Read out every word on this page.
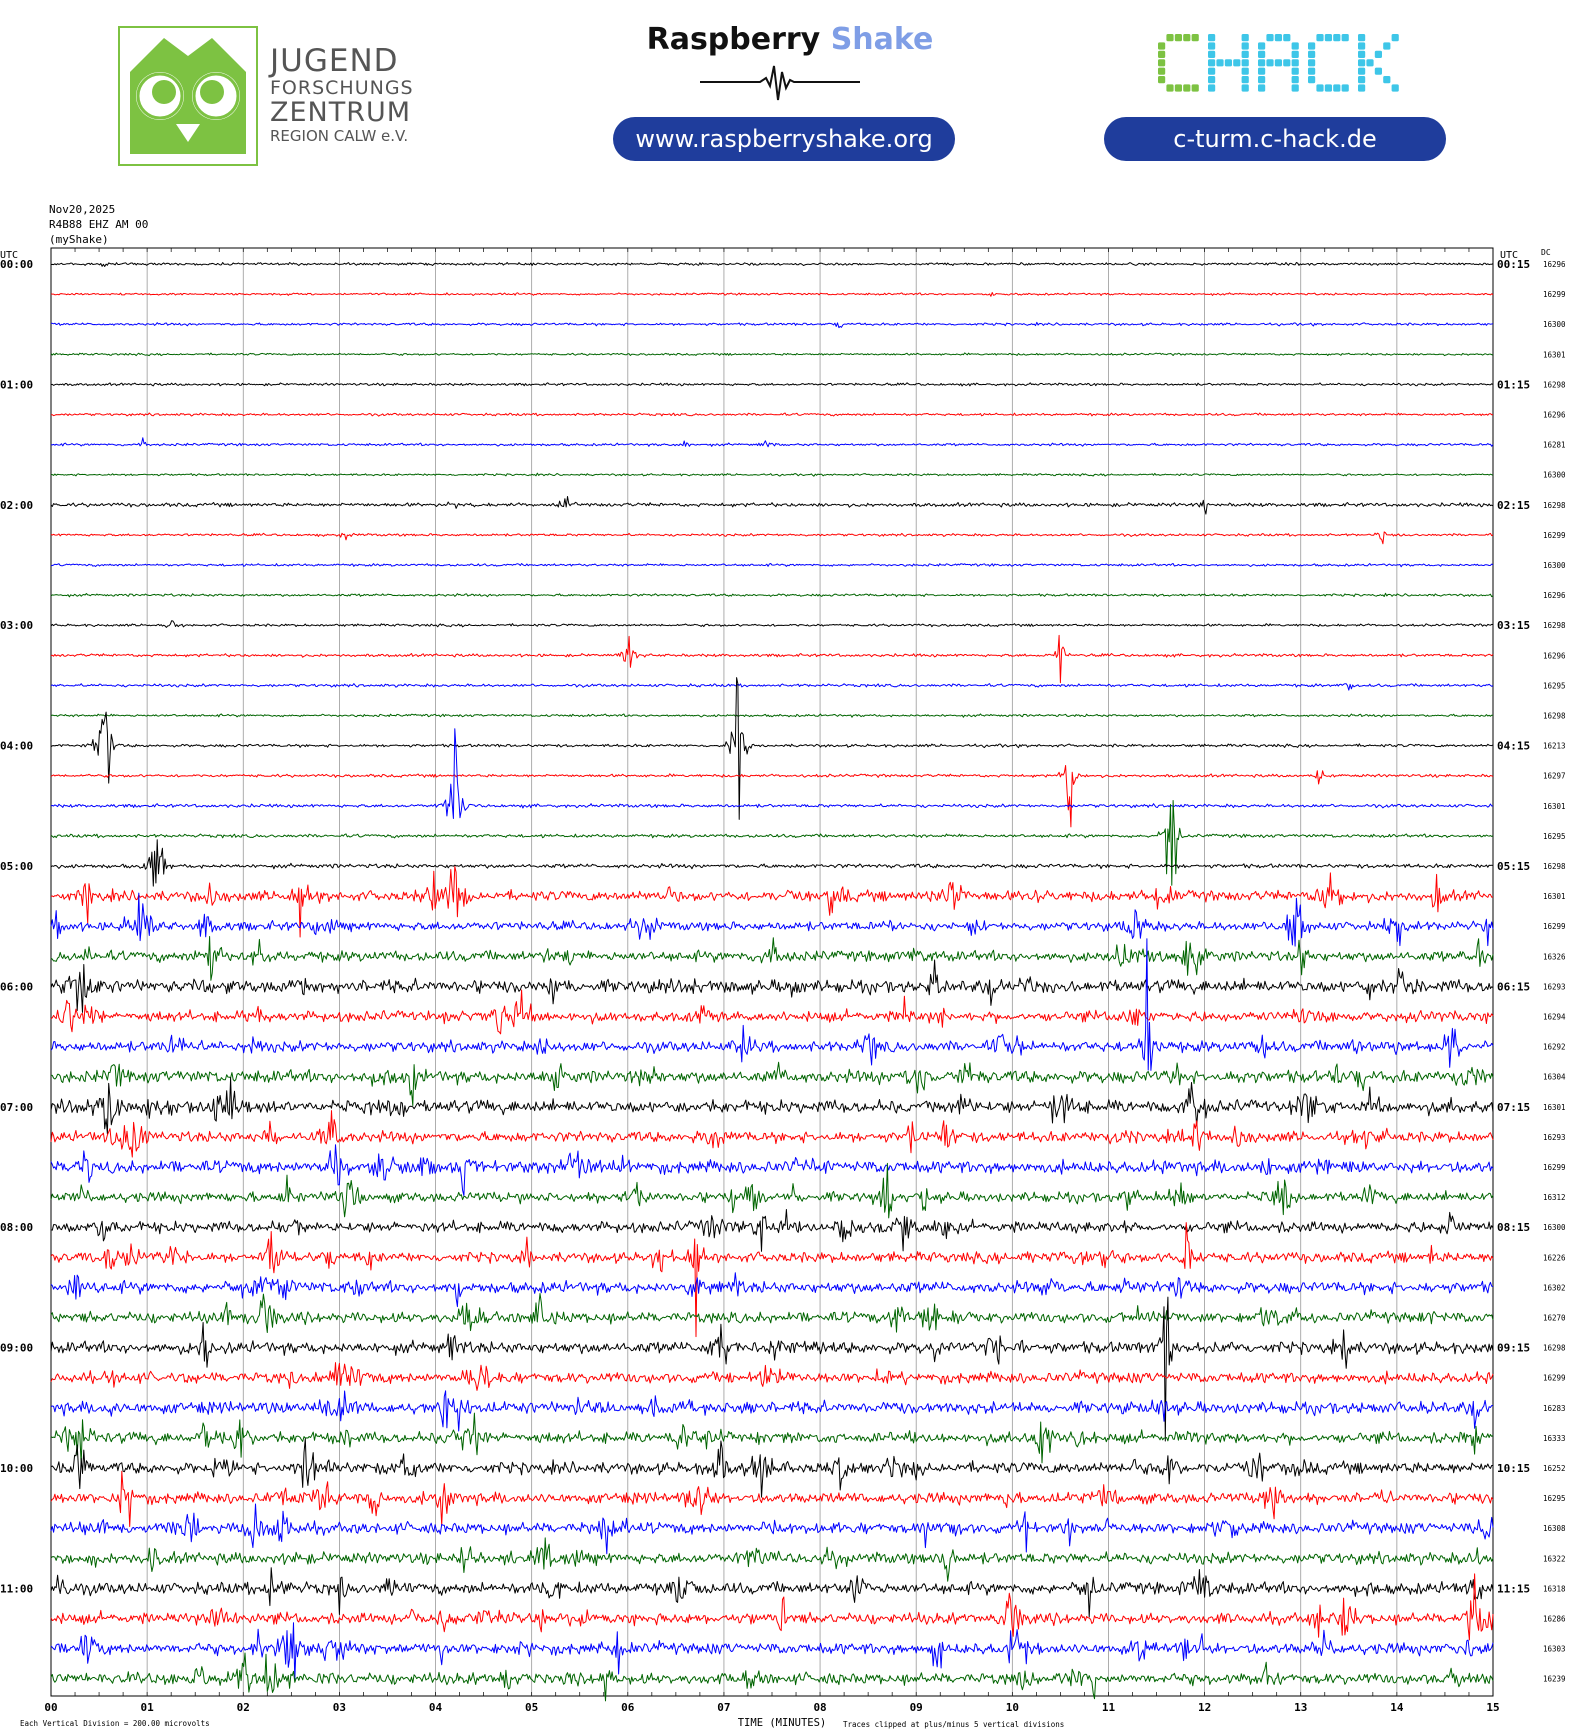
JUGEND
FORSCHUNGS
ZENTRUM
REGION CALW e.V.
Raspberry Shake
www.raspberryshake.org	c-turm.c-hack.de
Nov20,2025
R4B88 EHZ AM 00
(myShake)
UTC	UTC	DC
00:00
01:00
02:00
03:00
04:00
05:00
06:00
07:00
08:00
09:00
10:00
11:00
00:15
01:15
02:15
03:15
04:15
05:15
06:15
07:15
08:15
09:15
10:15
11:15
16296
16299
16300
16301
16298
16296
16281
16300
16298
16299
16300
16296
16298
16296
16295
16298
16213
16297
16301
16295
16298
16301
16299
16326
16293
16294
16292
16304
16301
16293
16299
16312
16300
16226
16302
16270
16298
16299
16283
16333
16252
16295
16308
16322
16318
16286
16303
16239
00	01	02	03	04	05	06	07	08	09	10	11	12	13	14	15
Each Vertical Division = 200.00 microvolts	TIME (MINUTES) Traces clipped at plus/minus 5 vertical divisions
